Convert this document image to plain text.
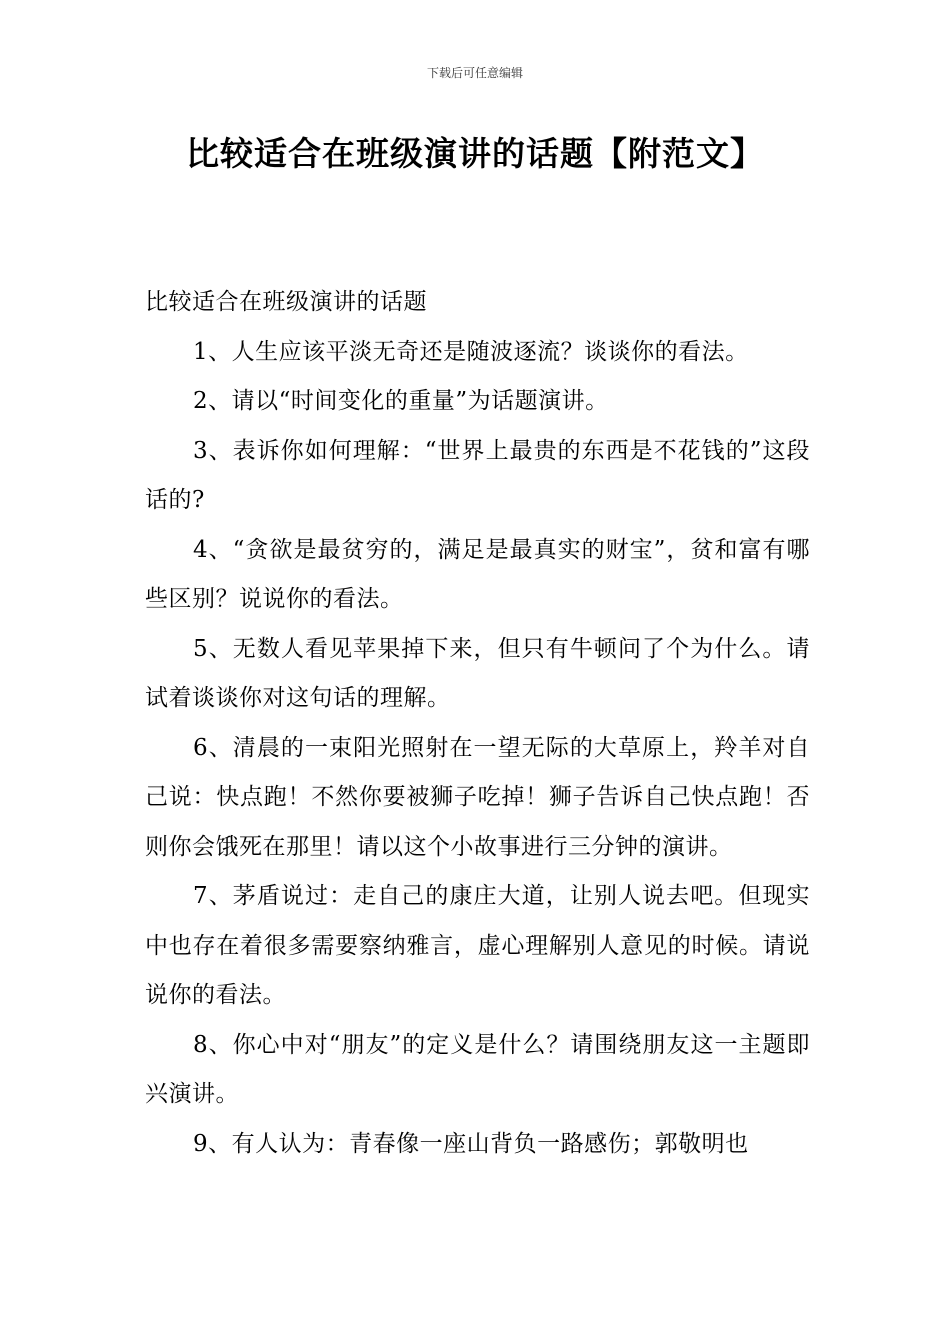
下载后可任意编辑
比较适合在班级演讲的话题【附范文】

比较适合在班级演讲的话题

1、人生应该平淡无奇还是随波逐流？谈谈你的看法。

2、请以“时间变化的重量”为话题演讲。

3、表诉你如何理解：“世界上最贵的东西是不花钱的”这段话的?

4、“贪欲是最贫穷的，满足是最真实的财宝”，贫和富有哪些区别？说说你的看法。

5、无数人看见苹果掉下来，但只有牛顿问了个为什么。请试着谈谈你对这句话的理解。

6、清晨的一束阳光照射在一望无际的大草原上，羚羊对自己说：快点跑！不然你要被狮子吃掉！狮子告诉自己快点跑！否则你会饿死在那里！请以这个小故事进行三分钟的演讲。

7、茅盾说过：走自己的康庄大道，让别人说去吧。但现实中也存在着很多需要察纳雅言，虚心理解别人意见的时候。请说说你的看法。

8、你心中对“朋友”的定义是什么？请围绕朋友这一主题即兴演讲。

9、有人认为：青春像一座山背负一路感伤；郭敬明也
